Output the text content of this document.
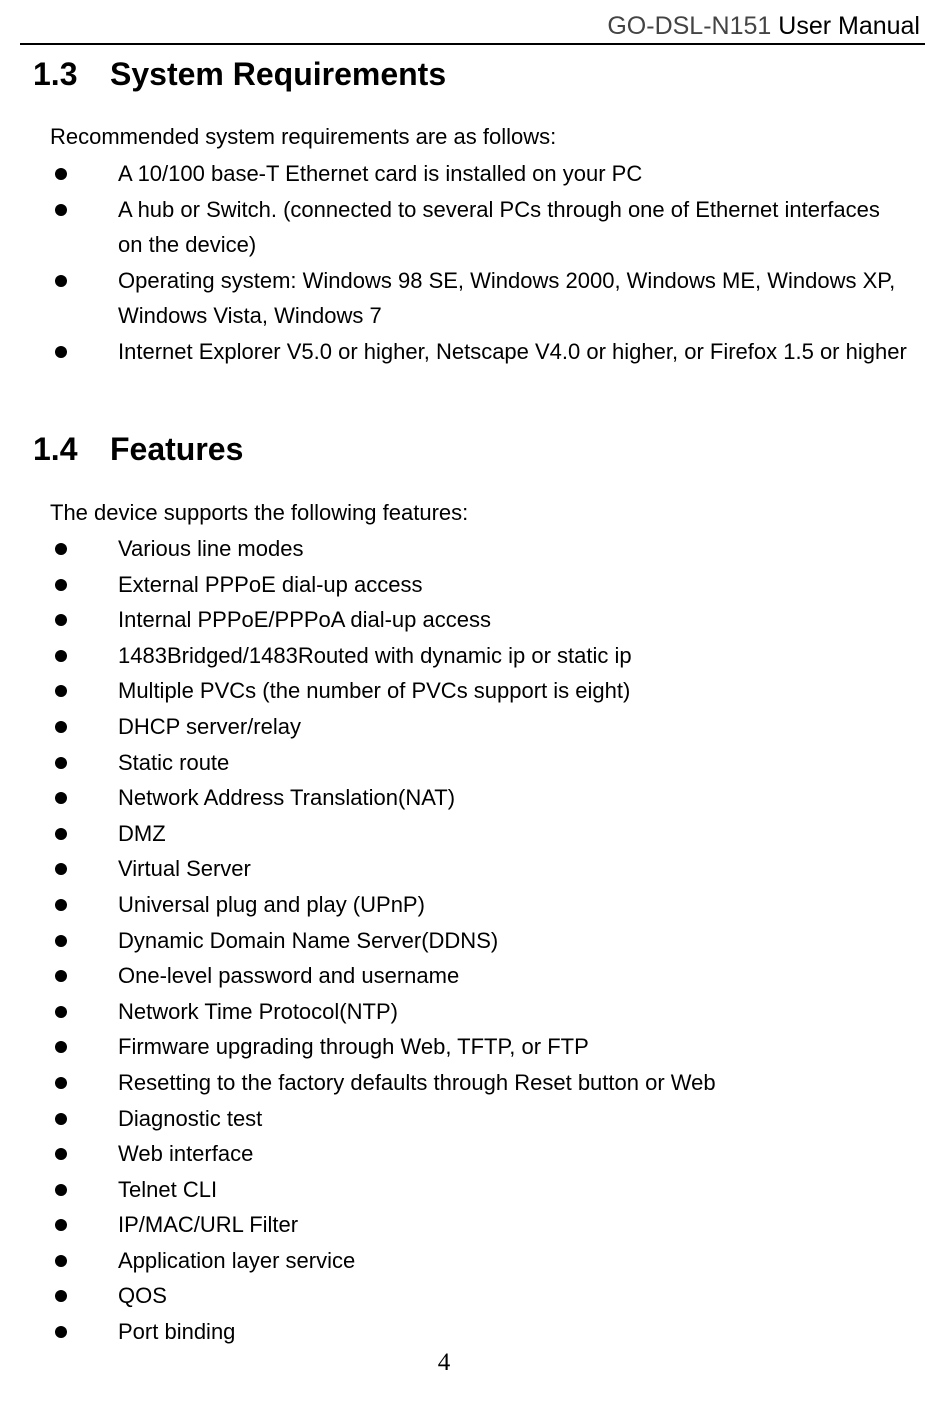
GO-DSL-N151 User Manual
1.3 System Requirements

Recommended system requirements are as follows:

A 10/100 base-T Ethernet card is installed on your PC
A hub or Switch. (connected to several PCs through one of Ethernet interfaces on the device)
Operating system: Windows 98 SE, Windows 2000, Windows ME, Windows XP, Windows Vista, Windows 7
Internet Explorer V5.0 or higher, Netscape V4.0 or higher, or Firefox 1.5 or higher
1.4 Features

The device supports the following features:

Various line modes
External PPPoE dial-up access
Internal PPPoE/PPPoA dial-up access
1483Bridged/1483Routed with dynamic ip or static ip
Multiple PVCs (the number of PVCs support is eight)
DHCP server/relay
Static route
Network Address Translation(NAT)
DMZ
Virtual Server
Universal plug and play (UPnP)
Dynamic Domain Name Server(DDNS)
One-level password and username
Network Time Protocol(NTP)
Firmware upgrading through Web, TFTP, or FTP
Resetting to the factory defaults through Reset button or Web
Diagnostic test
Web interface
Telnet CLI
IP/MAC/URL Filter
Application layer service
QOS
Port binding
4
